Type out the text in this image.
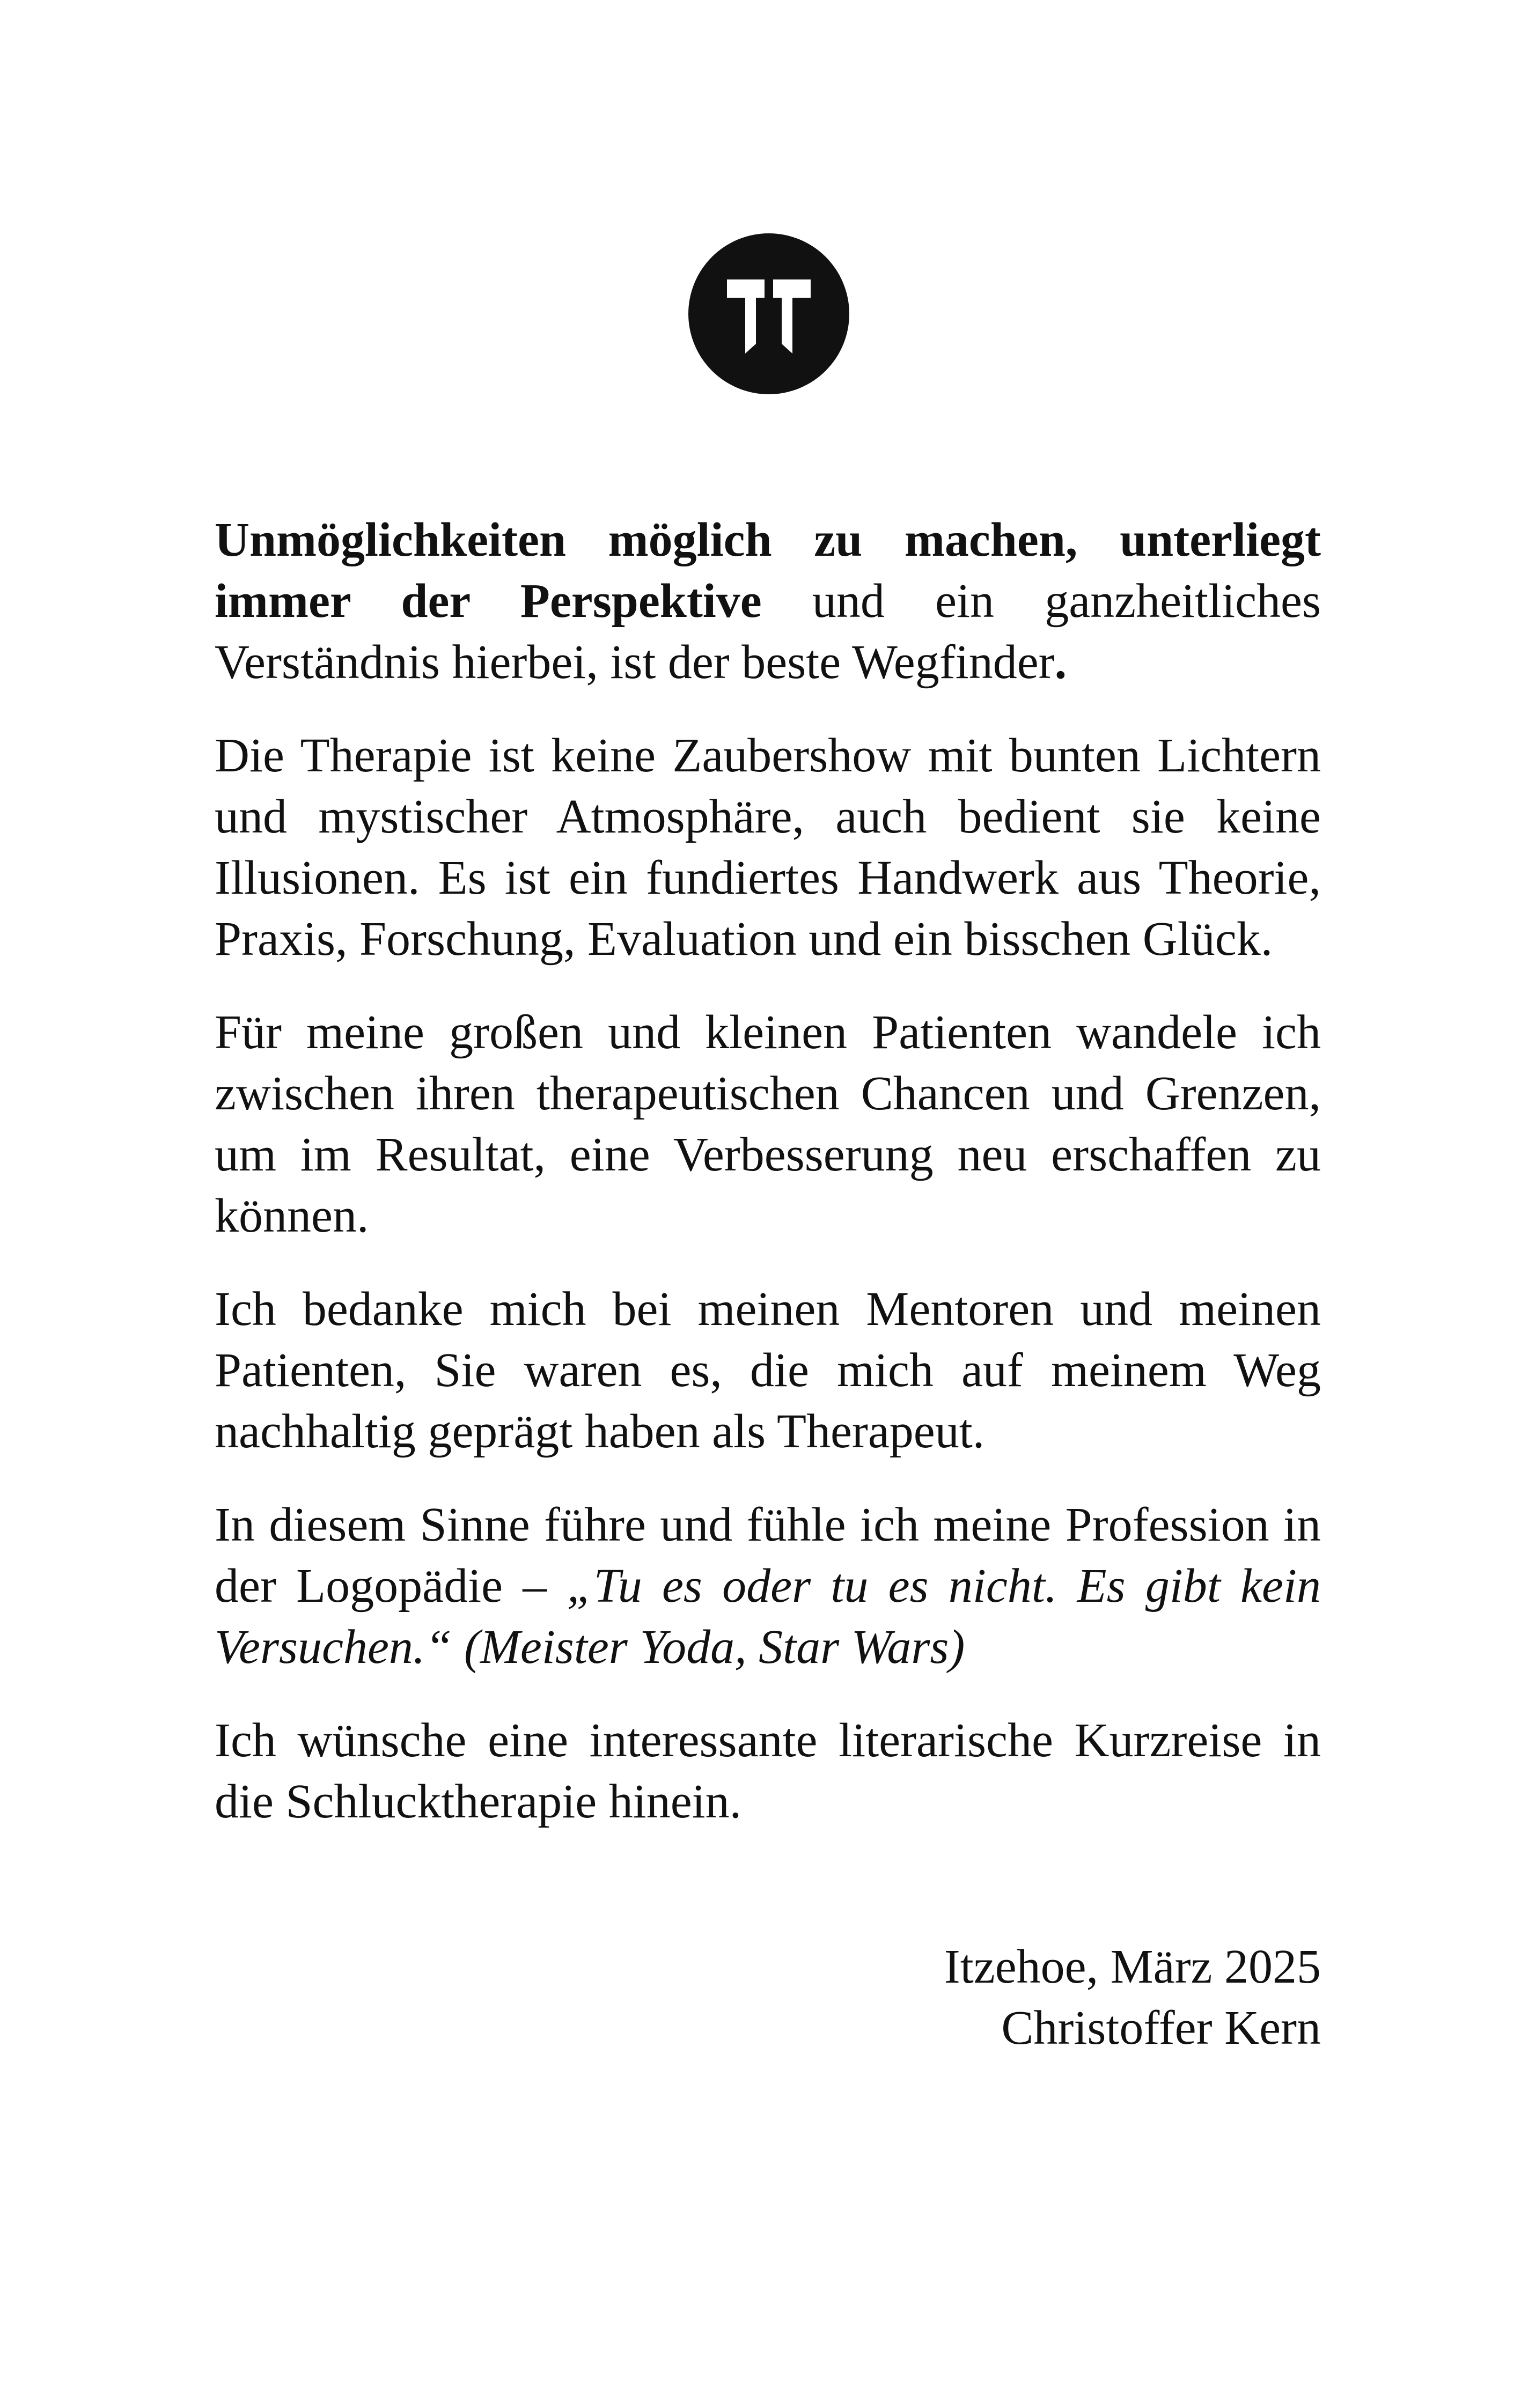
Unmöglichkeiten möglich zu machen, unterliegt immer der Perspektive und ein ganzheitliches Verständnis hierbei, ist der beste Wegfinder.

Die Therapie ist keine Zaubershow mit bunten Lichtern und mystischer Atmosphäre, auch bedient sie keine Illusionen. Es ist ein fundiertes Handwerk aus Theorie, Praxis, Forschung, Evaluation und ein bisschen Glück.

Für meine großen und kleinen Patienten wandele ich zwischen ihren therapeutischen Chancen und Grenzen, um im Resultat, eine Verbesserung neu erschaffen zu können.

Ich bedanke mich bei meinen Mentoren und meinen Patienten, Sie waren es, die mich auf meinem Weg nachhaltig geprägt haben als Therapeut.

In diesem Sinne führe und fühle ich meine Profession in der Logopädie – „Tu es oder tu es nicht. Es gibt kein Versuchen.“ (Meister Yoda, Star Wars)

Ich wünsche eine interessante literarische Kurzreise in die Schlucktherapie hinein.

Itzehoe, März 2025
Christoffer Kern
